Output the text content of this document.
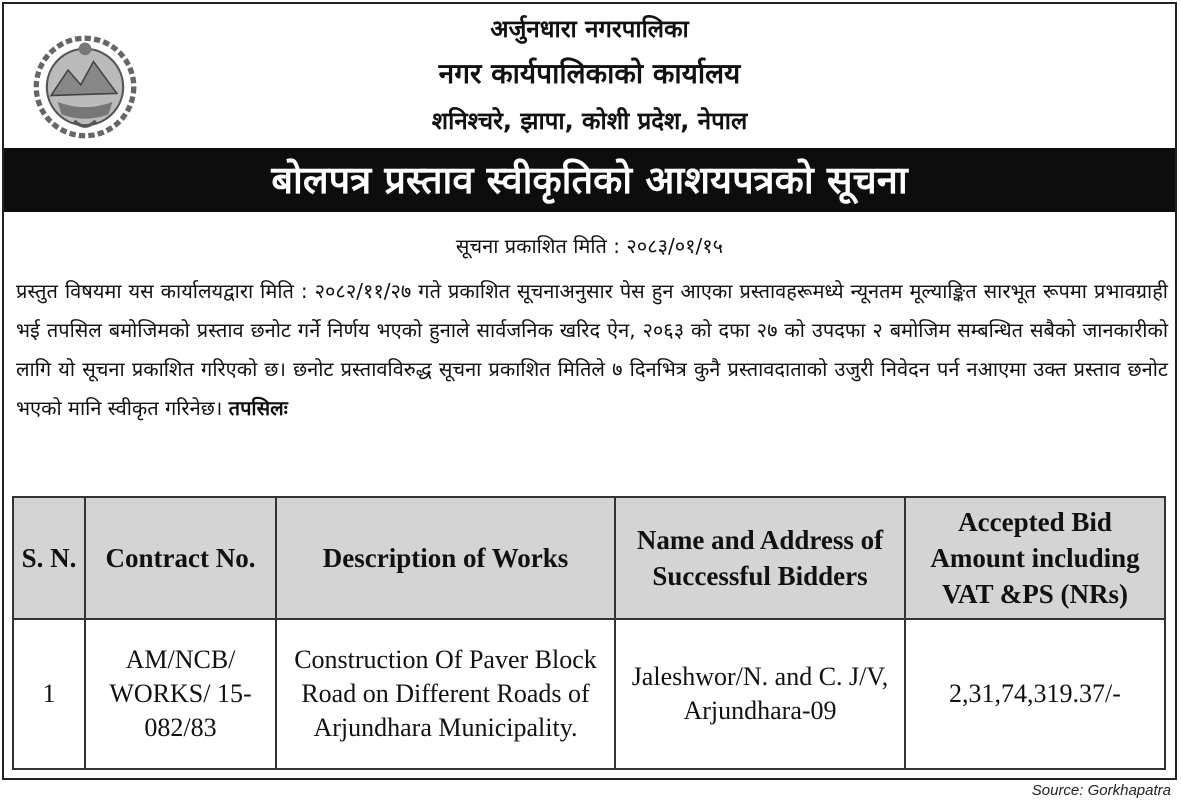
अर्जुनधारा नगरपालिका
नगर कार्यपालिकाको कार्यालय
शनिश्चरे, झापा, कोशी प्रदेश, नेपाल
बोलपत्र प्रस्ताव स्वीकृतिको आशयपत्रको सूचना
सूचना प्रकाशित मिति : २०८३/०१/१५
प्रस्तुत विषयमा यस कार्यालयद्वारा मिति : २०८२/११/२७ गते प्रकाशित सूचनाअनुसार पेस हुन आएका प्रस्तावहरूमध्ये न्यूनतम मूल्याङ्कित सारभूत रूपमा प्रभावग्राही भई तपसिल बमोजिमको प्रस्ताव छनोट गर्ने निर्णय भएको हुनाले सार्वजनिक खरिद ऐन, २०६३ को दफा २७ को उपदफा २ बमोजिम सम्बन्धित सबैको जानकारीको लागि यो सूचना प्रकाशित गरिएको छ। छनोट प्रस्तावविरुद्ध सूचना प्रकाशित मितिले ७ दिनभित्र कुनै प्रस्तावदाताको उजुरी निवेदन पर्न नआएमा उक्त प्रस्ताव छनोट भएको मानि स्वीकृत गरिनेछ। तपसिलः
S. N.	Contract No.	Description of Works	Name and Address of Successful Bidders	Accepted Bid Amount including VAT &PS (NRs)
1	AM/NCB/ WORKS/ 15-082/83	Construction Of Paver Block Road on Different Roads of Arjundhara Municipality.	Jaleshwor/N. and C. J/V, Arjundhara-09	2,31,74,319.37/-
Source: Gorkhapatra
